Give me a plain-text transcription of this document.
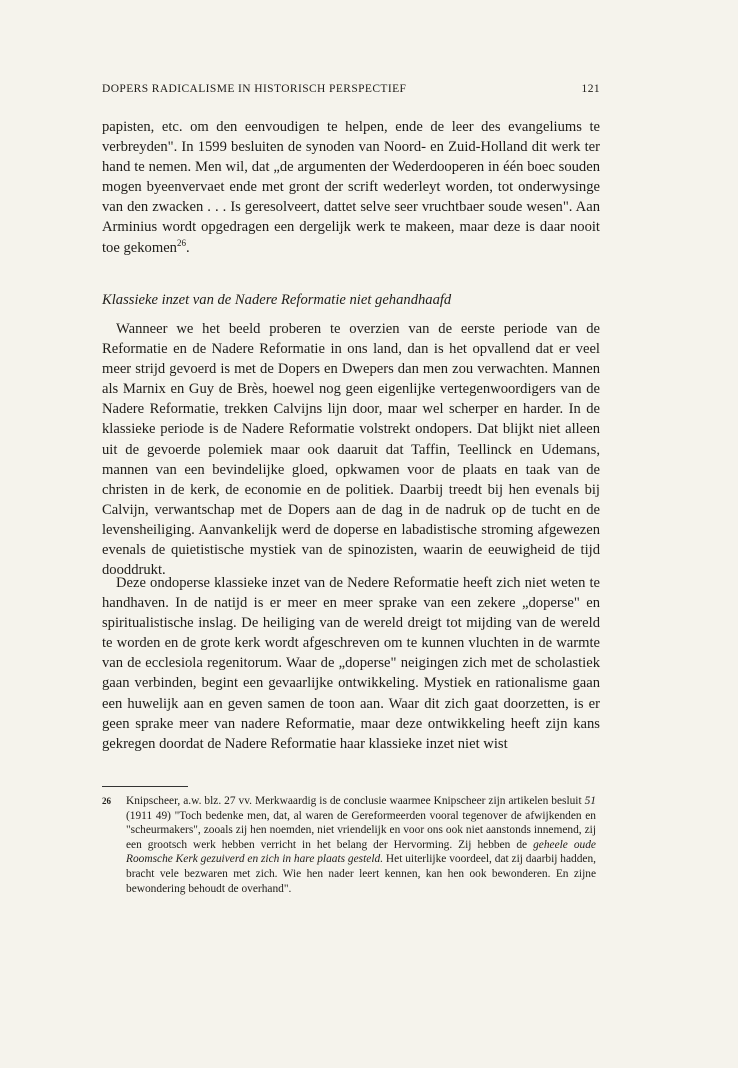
DOPERS RADICALISME IN HISTORISCH PERSPECTIEF	121

papisten, etc. om den eenvoudigen te helpen, ende de leer des evangeliums te verbreyden". In 1599 besluiten de synoden van Noord- en Zuid-Holland dit werk ter hand te nemen. Men wil, dat „de argumenten der Wederdooperen in één boec souden mogen byeenvervaet ende met gront der scrift wederleyt worden, tot onderwysinge van den zwacken . . . Is geresolveert, dattet selve seer vruchtbaer soude wesen". Aan Arminius wordt opgedragen een dergelijk werk te makeen, maar deze is daar nooit toe gekomen$^{26}$.

Klassieke inzet van de Nadere Reformatie niet gehandhaafd

Wanneer we het beeld proberen te overzien van de eerste periode van de Reformatie en de Nadere Reformatie in ons land, dan is het opvallend dat er veel meer strijd gevoerd is met de Dopers en Dwepers dan men zou verwachten. Mannen als Marnix en Guy de Brès, hoewel nog geen eigenlijke vertegenwoordigers van de Nadere Reformatie, trekken Calvijns lijn door, maar wel scherper en harder. In de klassieke periode is de Nadere Reformatie volstrekt ondopers. Dat blijkt niet alleen uit de gevoerde polemiek maar ook daaruit dat Taffin, Teellinck en Udemans, mannen van een bevindelijke gloed, opkwamen voor de plaats en taak van de christen in de kerk, de economie en de politiek. Daarbij treedt bij hen evenals bij Calvijn, verwantschap met de Dopers aan de dag in de nadruk op de tucht en de levensheiliging. Aanvankelijk werd de doperse en labadistische stroming afgewezen evenals de quietistische mystiek van de spinozisten, waarin de eeuwigheid de tijd dooddrukt.

Deze ondoperse klassieke inzet van de Nedere Reformatie heeft zich niet weten te handhaven. In de natijd is er meer en meer sprake van een zekere „doperse" en spiritualistische inslag. De heiliging van de wereld dreigt tot mijding van de wereld te worden en de grote kerk wordt afgeschreven om te kunnen vluchten in de warmte van de ecclesiola regenitorum. Waar de „doperse" neigingen zich met de scholastiek gaan verbinden, begint een gevaarlijke ontwikkeling. Mystiek en rationalisme gaan een huwelijk aan en geven samen de toon aan. Waar dit zich gaat doorzetten, is er geen sprake meer van nadere Reformatie, maar deze ontwikkeling heeft zijn kans gekregen doordat de Nadere Reformatie haar klassieke inzet niet wist

26	Knipscheer, a.w. blz. 27 vv. Merkwaardig is de conclusie waarmee Knipscheer zijn artikelen besluit 51 (1911 49) "Toch bedenke men, dat, al waren de Gereformeerden vooral tegenover de afwijkenden en "scheurmakers", zooals zij hen noemden, niet vriendelijk en voor ons ook niet aanstonds innemend, zij een grootsch werk hebben verricht in het belang der Hervorming. Zij hebben de geheele oude Roomsche Kerk gezuiverd en zich in hare plaats gesteld. Het uiterlijke voordeel, dat zij daarbij hadden, bracht vele bezwaren met zich. Wie hen nader leert kennen, kan hen ook bewonderen. En zijne bewondering behoudt de overhand".
